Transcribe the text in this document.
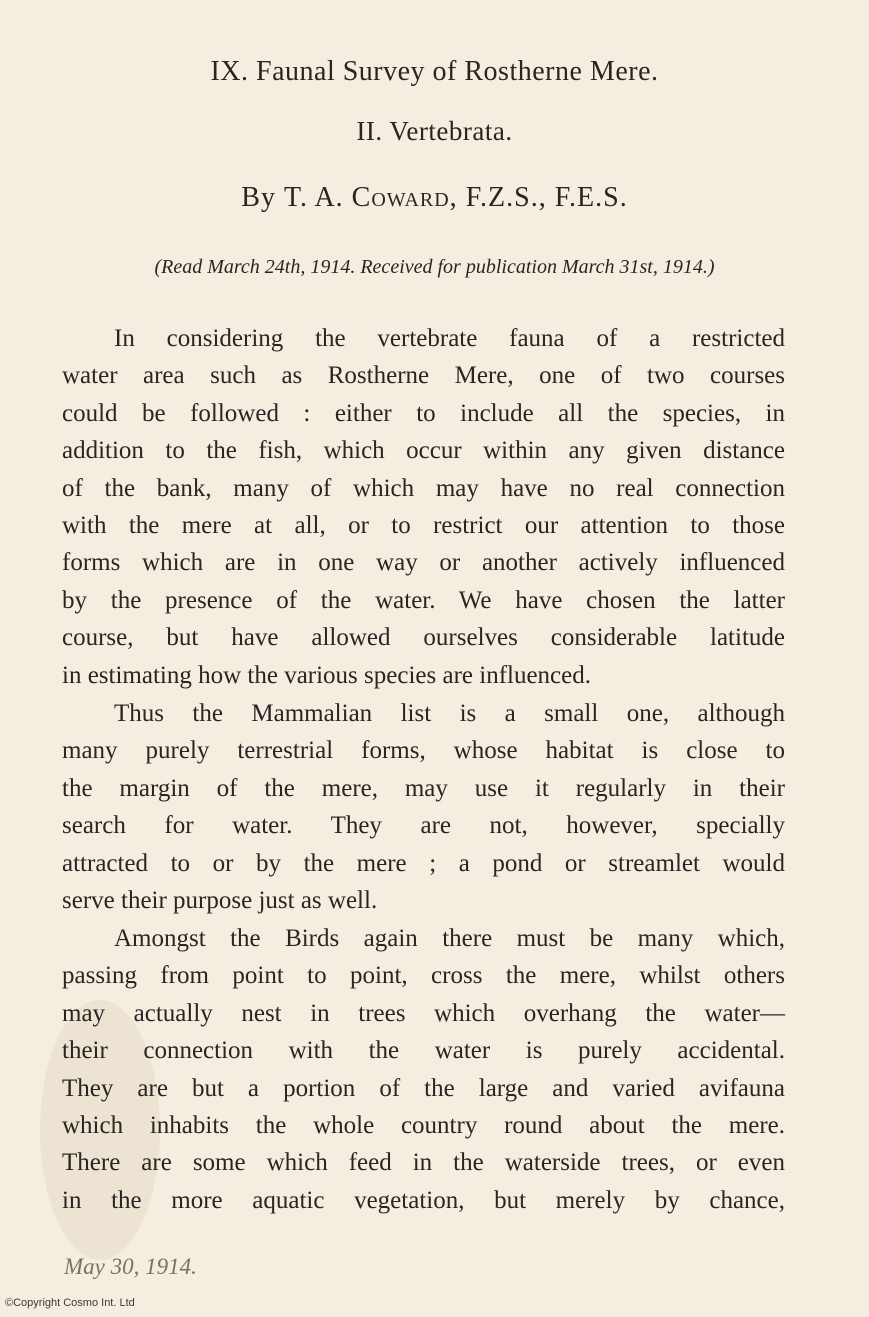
IX. Faunal Survey of Rostherne Mere.
II. Vertebrata.
By T. A. Coward, F.Z.S., F.E.S.
(Read March 24th, 1914. Received for publication March 31st, 1914.)
In considering the vertebrate fauna of a restricted
water area such as Rostherne Mere, one of two courses
could be followed : either to include all the species, in
addition to the fish, which occur within any given distance
of the bank, many of which may have no real connection
with the mere at all, or to restrict our attention to those
forms which are in one way or another actively influenced
by the presence of the water. We have chosen the latter
course, but have allowed ourselves considerable latitude
in estimating how the various species are influenced.
Thus the Mammalian list is a small one, although
many purely terrestrial forms, whose habitat is close to
the margin of the mere, may use it regularly in their
search for water. They are not, however, specially
attracted to or by the mere ; a pond or streamlet would
serve their purpose just as well.
Amongst the Birds again there must be many which,
passing from point to point, cross the mere, whilst others
may actually nest in trees which overhang the water—
their connection with the water is purely accidental.
They are but a portion of the large and varied avifauna
which inhabits the whole country round about the mere.
There are some which feed in the waterside trees, or even
in the more aquatic vegetation, but merely by chance,
May 30, 1914.
©Copyright Cosmo Int. Ltd
